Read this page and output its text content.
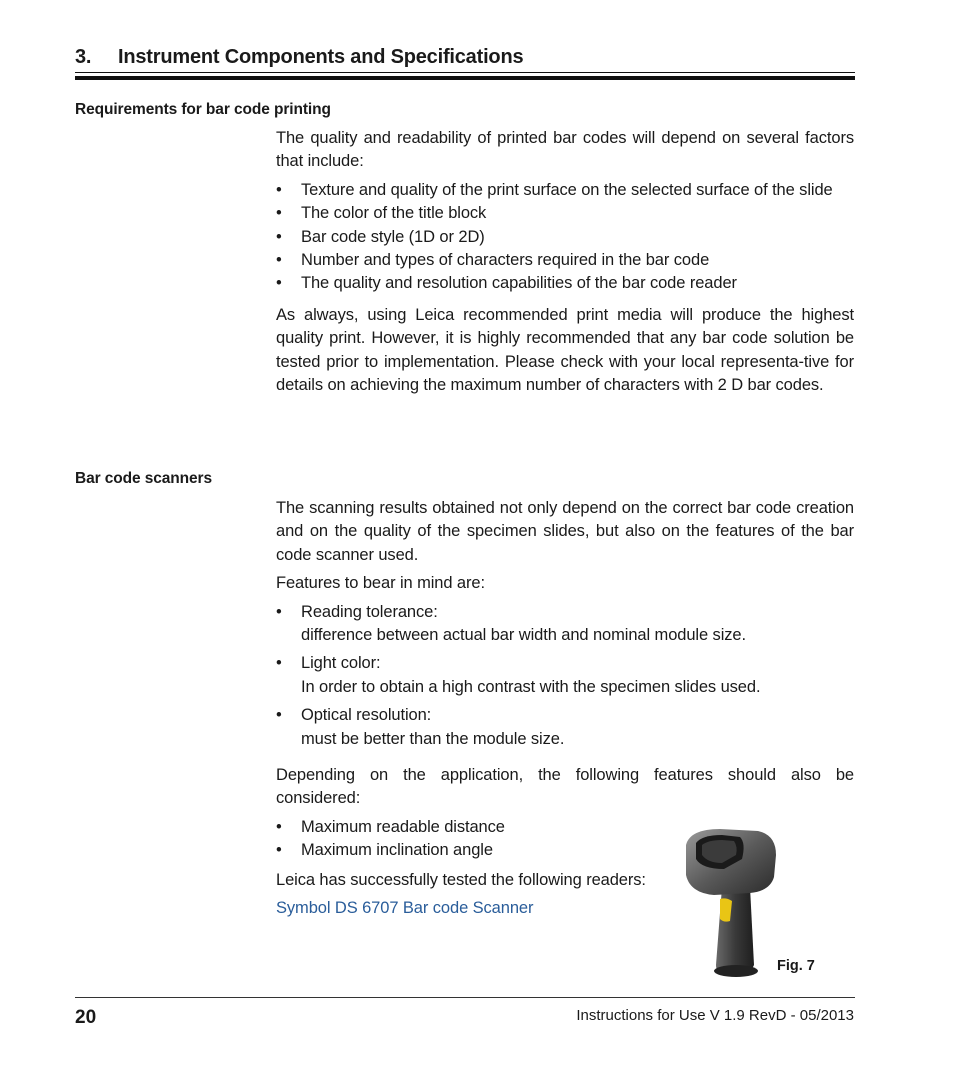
3.	Instrument Components and Specifications
Requirements for bar code printing

The quality and readability of printed bar codes will depend on several factors that include:

• Texture and quality of the print surface on the selected surface of the slide
• The color of the title block
• Bar code style (1D or 2D)
• Number and types of characters required in the bar code
• The quality and resolution capabilities of the bar code reader

As always, using Leica recommended print media will produce the highest quality print. However, it is highly recommended that any bar code solution be tested prior to implementation. Please check with your local representa-tive for details on achieving the maximum number of characters with 2 D bar codes.

Bar code scanners

The scanning results obtained not only depend on the correct bar code creation and on the quality of the specimen slides, but also on the features of the bar code scanner used.

Features to bear in mind are:

• Reading tolerance:
difference between actual bar width and nominal module size.
• Light color:
In order to obtain a high contrast with the specimen slides used.
• Optical resolution:
must be better than the module size.

Depending on the application, the following features should also be considered:

• Maximum readable distance
• Maximum inclination angle
Leica has successfully tested the following readers:
Symbol DS 6707 Bar code Scanner
Fig. 7
20	Instructions for Use V 1.9 RevD - 05/2013
